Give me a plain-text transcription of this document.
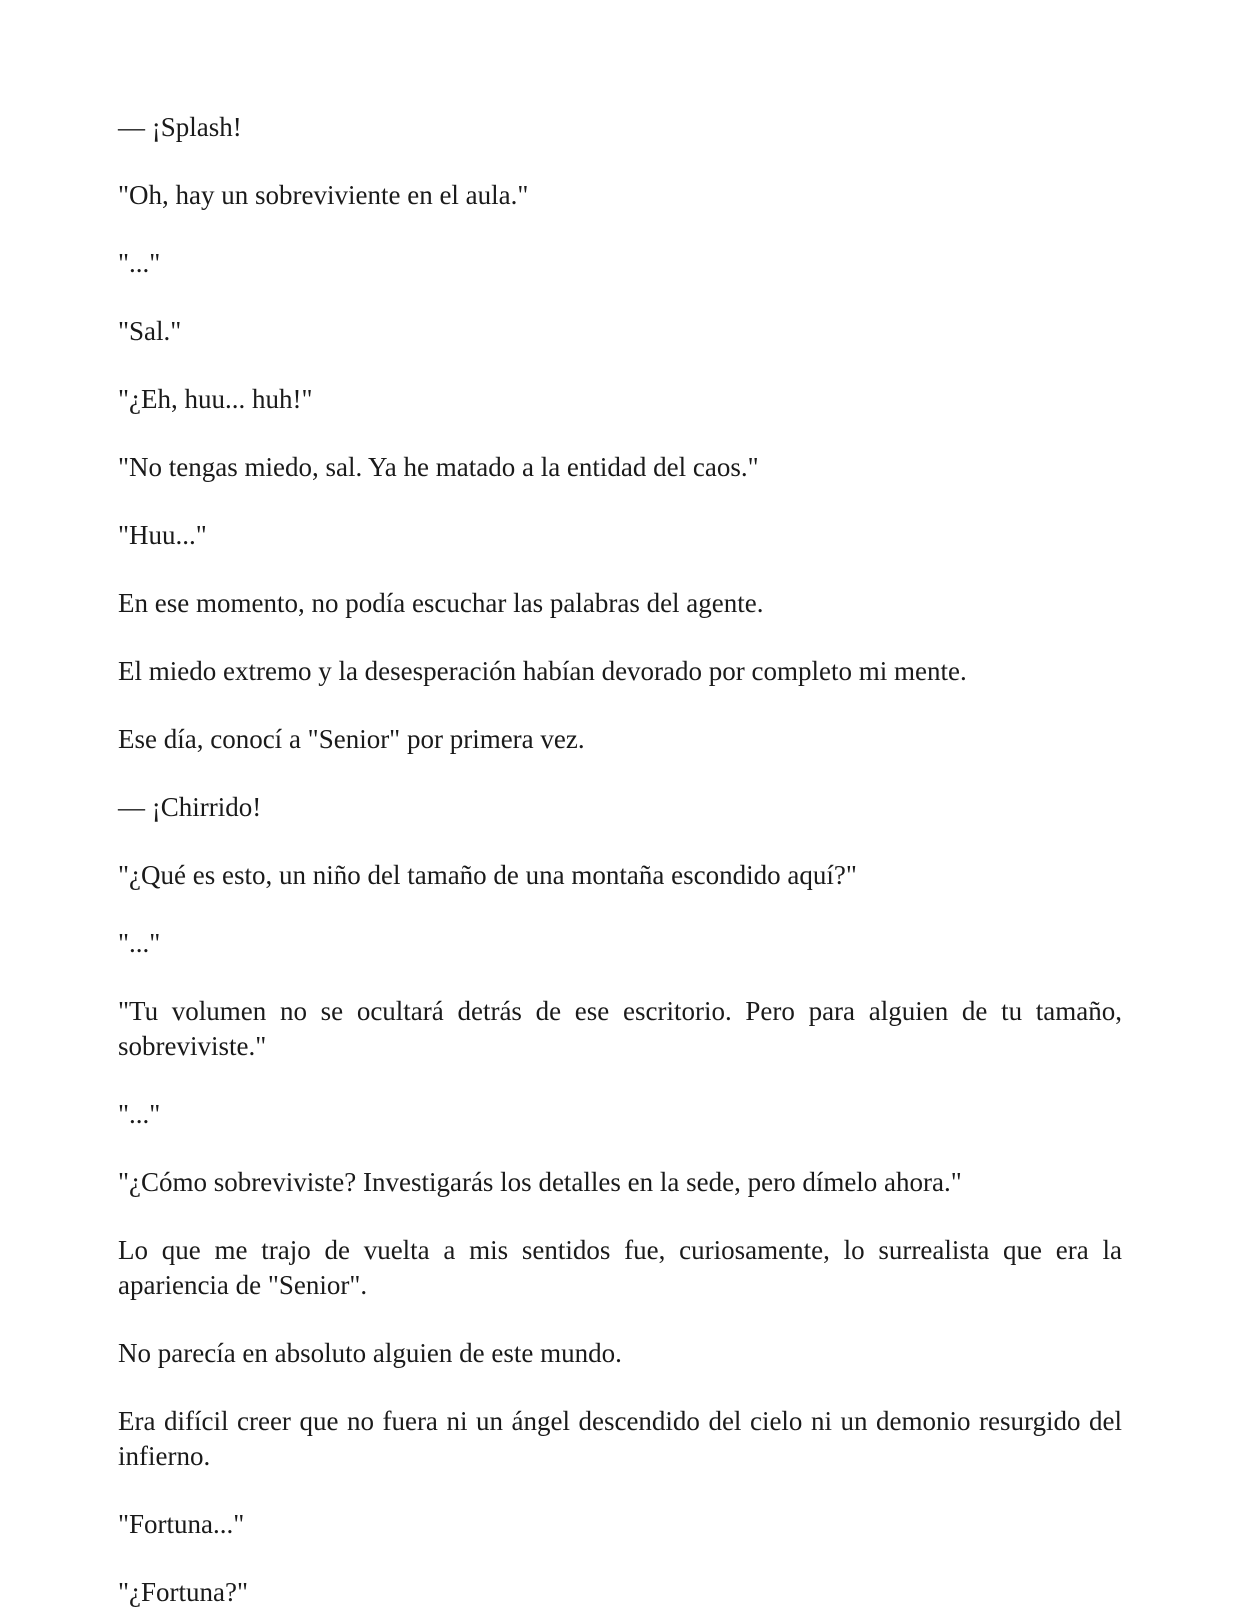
— ¡Splash!

"Oh, hay un sobreviviente en el aula."

"..."

"Sal."

"¿Eh, huu... huh!"

"No tengas miedo, sal. Ya he matado a la entidad del caos."

"Huu..."

En ese momento, no podía escuchar las palabras del agente.

El miedo extremo y la desesperación habían devorado por completo mi mente.

Ese día, conocí a "Senior" por primera vez.

— ¡Chirrido!

"¿Qué es esto, un niño del tamaño de una montaña escondido aquí?"

"..."

"Tu volumen no se ocultará detrás de ese escritorio. Pero para alguien de tu tamaño, sobreviviste."

"..."

"¿Cómo sobreviviste? Investigarás los detalles en la sede, pero dímelo ahora."

Lo que me trajo de vuelta a mis sentidos fue, curiosamente, lo surrealista que era la apariencia de "Senior".

No parecía en absoluto alguien de este mundo.

Era difícil creer que no fuera ni un ángel descendido del cielo ni un demonio resurgido del infierno.

"Fortuna..."

"¿Fortuna?"
